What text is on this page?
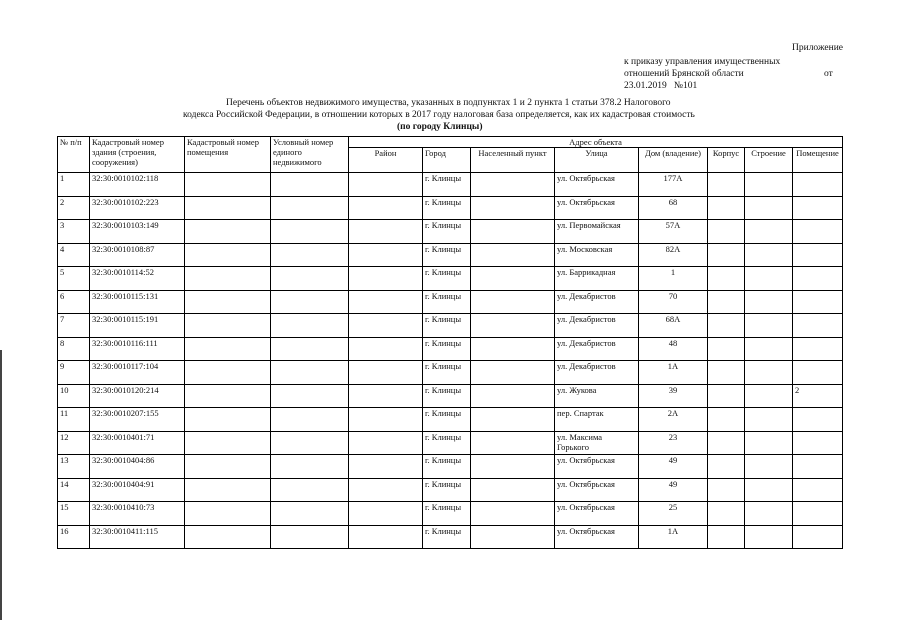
Приложение
к приказу управления имущественных
отношений Брянской области	от
23.01.2019   №101
Перечень объектов недвижимого имущества, указанных в подпунктах 1 и 2 пункта 1 статьи 378.2 Налогового
кодекса Российской Федерации, в отношении которых в 2017 году налоговая база определяется, как их кадастровая стоимость
(по городу Клинцы)
№ п/п	Кадастровый номер здания (строения, сооружения)	Кадастровый номер помещения	Условный номер единого недвижимого	Адрес объекта							
				Район	Город	Населенный пункт	Улица	Дом (владение)	Корпус	Строение	Помещение
1	32:30:0010102:118				г. Клинцы		ул. Октябрьская	177А			
2	32:30:0010102:223				г. Клинцы		ул. Октябрьская	68			
3	32:30:0010103:149				г. Клинцы		ул. Первомайская	57А			
4	32:30:0010108:87				г. Клинцы		ул. Московская	82А			
5	32:30:0010114:52				г. Клинцы		ул. Баррикадная	1			
6	32:30:0010115:131				г. Клинцы		ул. Декабристов	70			
7	32:30:0010115:191				г. Клинцы		ул. Декабристов	68А			
8	32:30:0010116:111				г. Клинцы		ул. Декабристов	48			
9	32:30:0010117:104				г. Клинцы		ул. Декабристов	1А			
10	32:30:0010120:214				г. Клинцы		ул. Жукова	39			2
11	32:30:0010207:155				г. Клинцы		пер. Спартак	2А			
12	32:30:0010401:71				г. Клинцы		ул. Максима Горького	23			
13	32:30:0010404:86				г. Клинцы		ул. Октябрьская	49			
14	32:30:0010404:91				г. Клинцы		ул. Октябрьская	49			
15	32:30:0010410:73				г. Клинцы		ул. Октябрьская	25			
16	32:30:0010411:115				г. Клинцы		ул. Октябрьская	1А			
